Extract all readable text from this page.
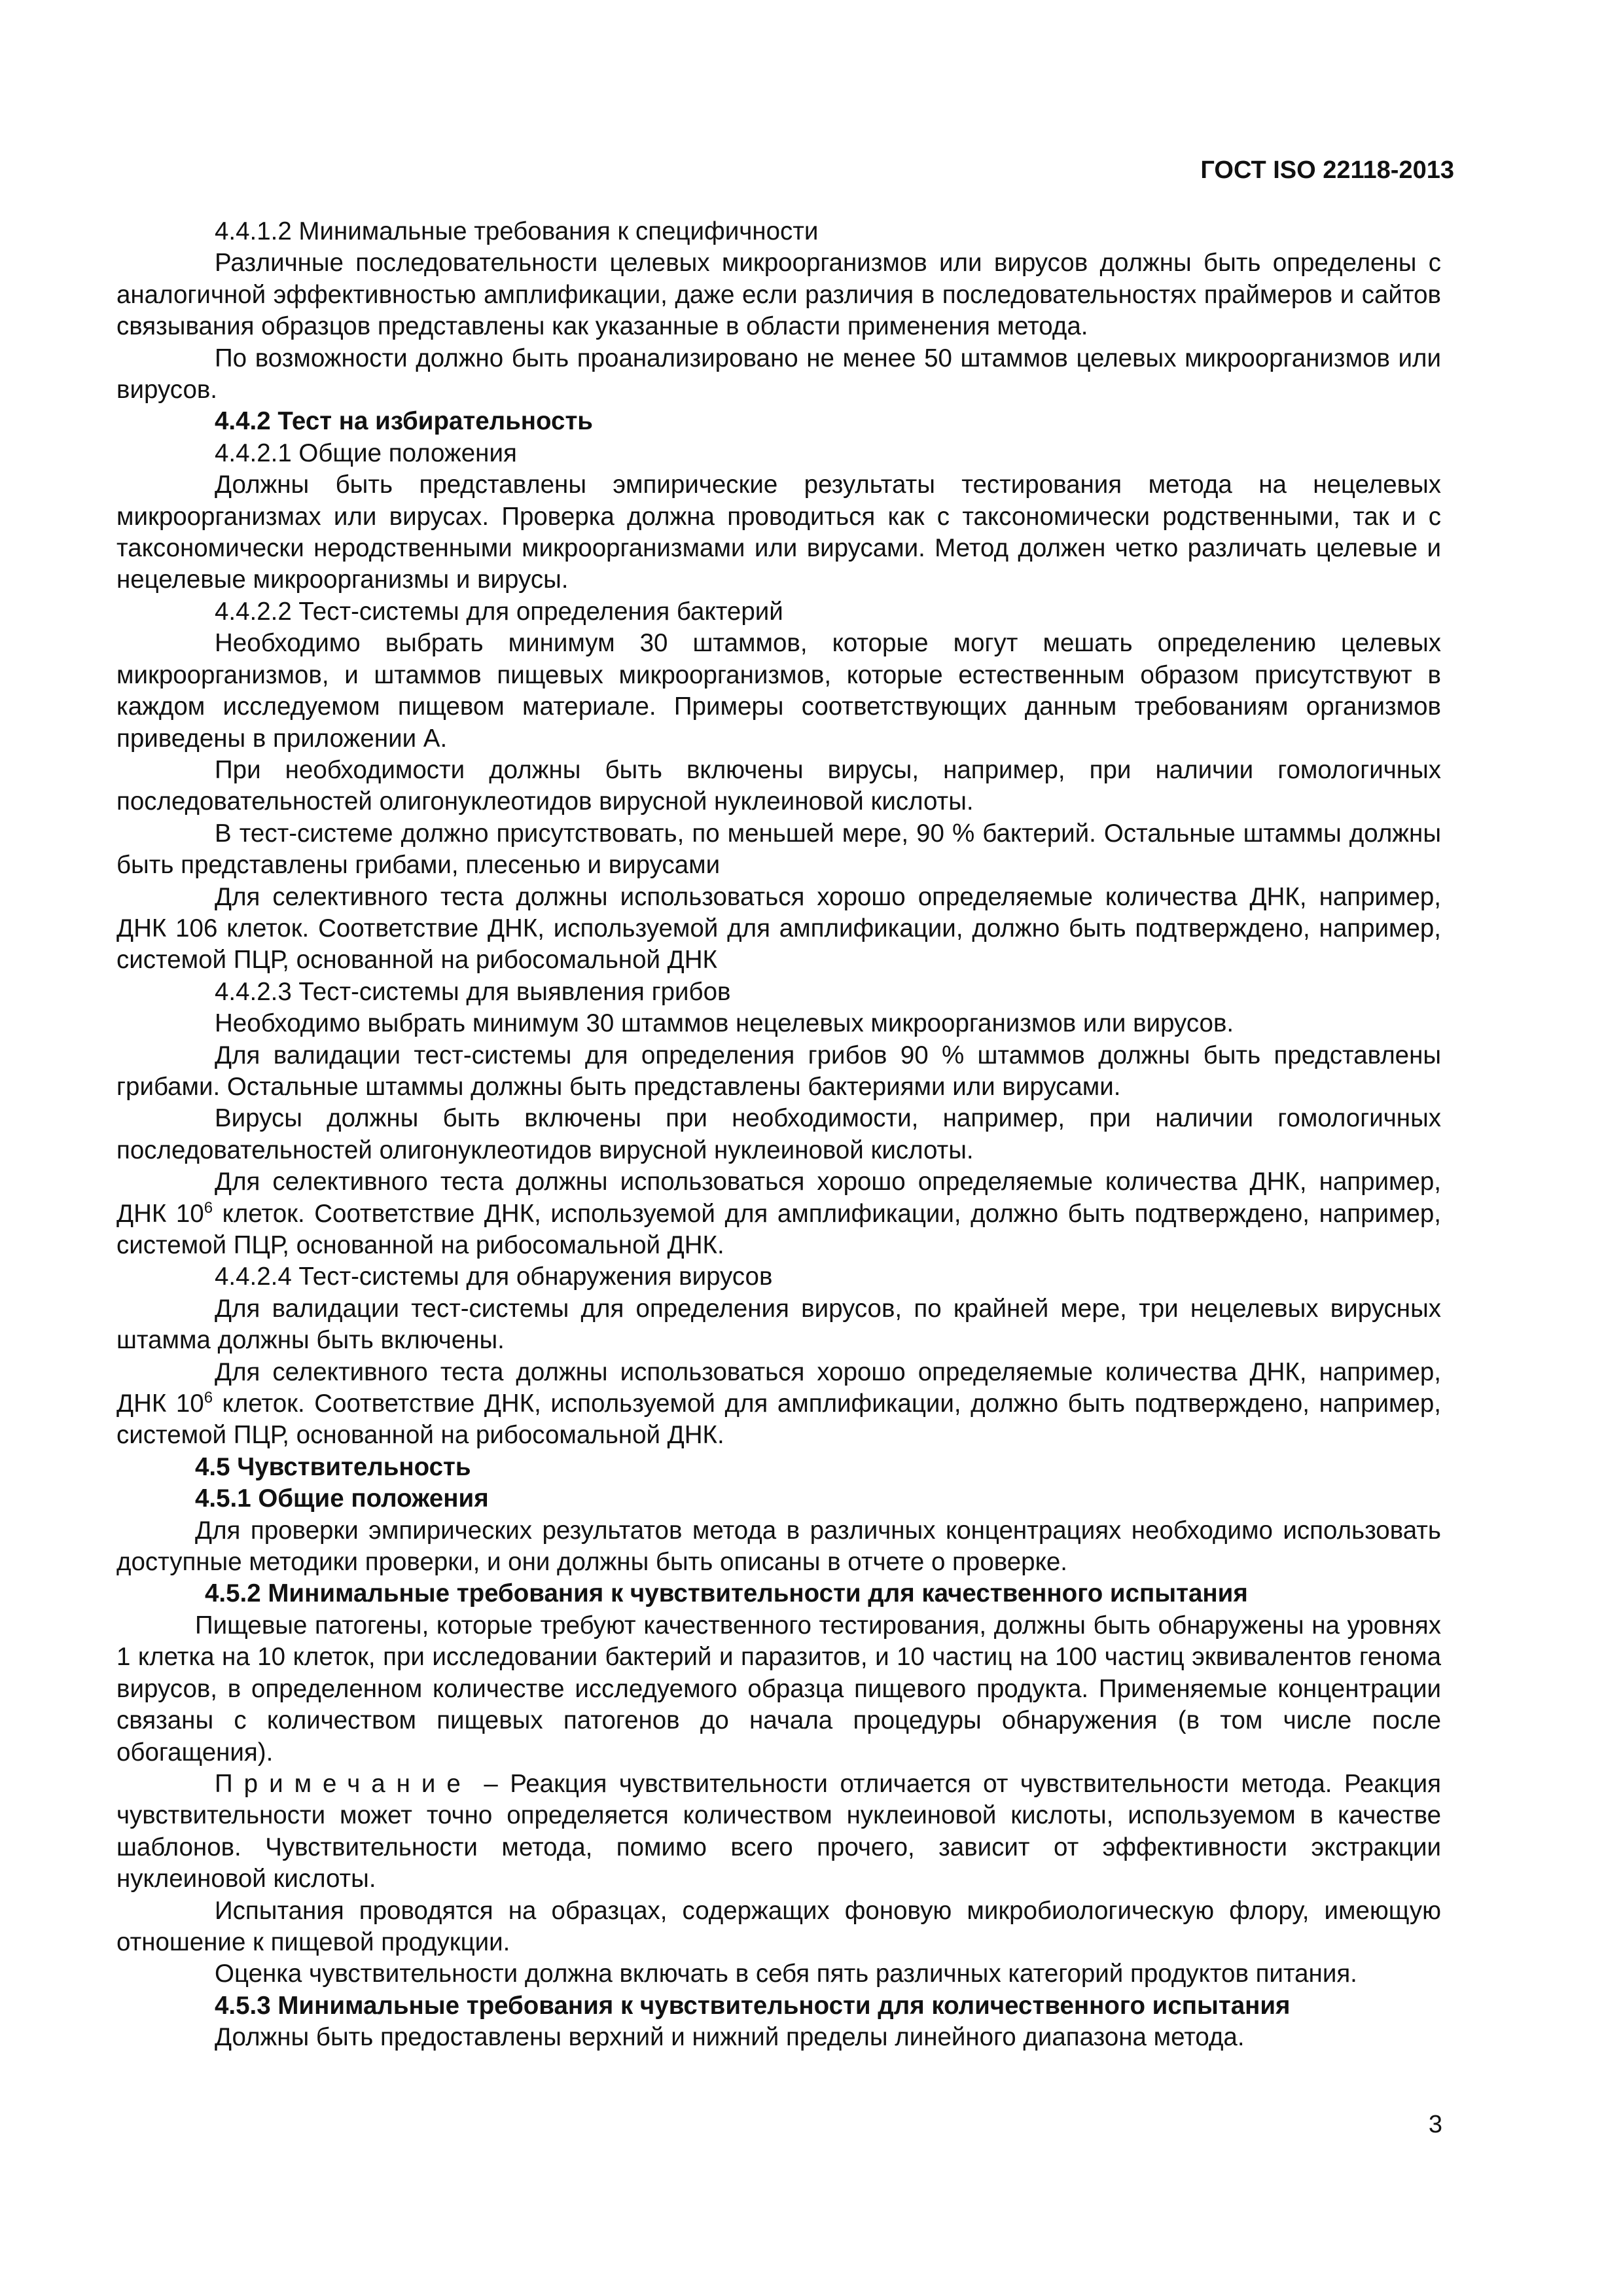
ГОСТ ISO 22118-2013

4.4.1.2 Минимальные требования к специфичности

Различные последовательности целевых микроорганизмов или вирусов должны быть определены с аналогичной эффективностью амплификации, даже если различия в последовательностях праймеров и сайтов связывания образцов представлены как указанные в области применения метода.

По возможности должно быть проанализировано не менее 50 штаммов целевых микроорганизмов или вирусов.

4.4.2 Тест на избирательность

4.4.2.1 Общие положения

Должны быть представлены эмпирические результаты тестирования метода на нецелевых микроорганизмах или вирусах. Проверка должна проводиться как с таксономически родственными, так и с таксономически неродственными микроорганизмами или вирусами. Метод должен четко различать целевые и нецелевые микроорганизмы и вирусы.

4.4.2.2 Тест-системы для определения бактерий

Необходимо выбрать минимум 30 штаммов, которые могут мешать определению целевых микроорганизмов, и штаммов пищевых микроорганизмов, которые естественным образом присутствуют в каждом исследуемом пищевом материале. Примеры соответствующих данным требованиям организмов приведены в приложении А.

При необходимости должны быть включены вирусы, например, при наличии гомологичных последовательностей олигонуклеотидов вирусной нуклеиновой кислоты.

В тест-системе должно присутствовать, по меньшей мере, 90 % бактерий. Остальные штаммы должны быть представлены грибами, плесенью и вирусами

Для селективного теста должны использоваться хорошо определяемые количества ДНК, например, ДНК 106 клеток. Соответствие ДНК, используемой для амплификации, должно быть подтверждено, например, системой ПЦР, основанной на рибосомальной ДНК

4.4.2.3 Тест-системы для выявления грибов

Необходимо выбрать минимум 30 штаммов нецелевых микроорганизмов или вирусов.

Для валидации тест-системы для определения грибов 90 % штаммов должны быть представлены грибами. Остальные штаммы должны быть представлены бактериями или вирусами.

Вирусы должны быть включены при необходимости, например, при наличии гомологичных последовательностей олигонуклеотидов вирусной нуклеиновой кислоты.

Для селективного теста должны использоваться хорошо определяемые количества ДНК, например, ДНК $10^6$ клеток. Соответствие ДНК, используемой для амплификации, должно быть подтверждено, например, системой ПЦР, основанной на рибосомальной ДНК.

4.4.2.4 Тест-системы для обнаружения вирусов

Для валидации тест-системы для определения вирусов, по крайней мере, три нецелевых вирусных штамма должны быть включены.

Для селективного теста должны использоваться хорошо определяемые количества ДНК, например, ДНК $10^6$ клеток. Соответствие ДНК, используемой для амплификации, должно быть подтверждено, например, системой ПЦР, основанной на рибосомальной ДНК.

4.5 Чувствительность

4.5.1 Общие положения

Для проверки эмпирических результатов метода в различных концентрациях необходимо использовать доступные методики проверки, и они должны быть описаны в отчете о проверке.

4.5.2 Минимальные требования к чувствительности для качественного испытания

Пищевые патогены, которые требуют качественного тестирования, должны быть обнаружены на уровнях 1 клетка на 10 клеток, при исследовании бактерий и паразитов, и 10 частиц на 100 частиц эквивалентов генома вирусов, в определенном количестве исследуемого образца пищевого продукта. Применяемые концентрации связаны с количеством пищевых патогенов до начала процедуры обнаружения (в том числе после обогащения).

Примечание – Реакция чувствительности отличается от чувствительности метода. Реакция чувствительности может точно определяется количеством нуклеиновой кислоты, используемом в качестве шаблонов. Чувствительности метода, помимо всего прочего, зависит от эффективности экстракции нуклеиновой кислоты.

Испытания проводятся на образцах, содержащих фоновую микробиологическую флору, имеющую отношение к пищевой продукции.

Оценка чувствительности должна включать в себя пять различных категорий продуктов питания.

4.5.3 Минимальные требования к чувствительности для количественного испытания

Должны быть предоставлены верхний и нижний пределы линейного диапазона метода.

3
